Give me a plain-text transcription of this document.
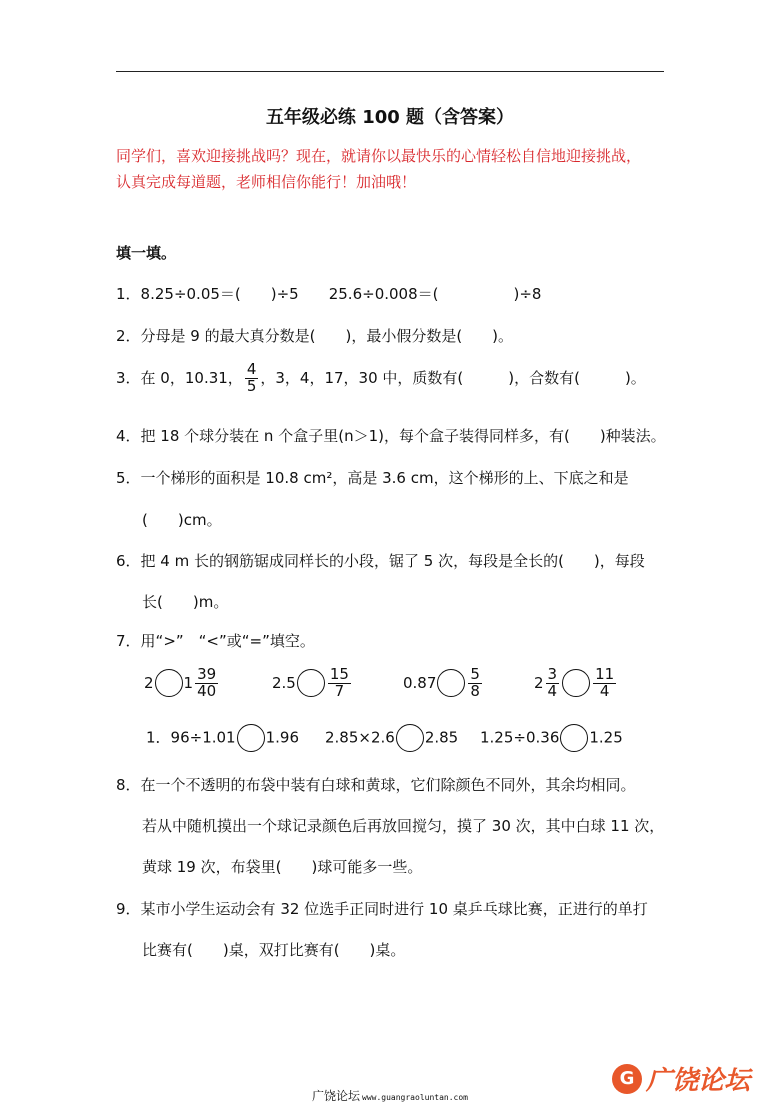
五年级必练 100 题（含答案）
同学们，喜欢迎接挑战吗？现在，就请你以最快乐的心情轻松自信地迎接挑战，
认真完成每道题，老师相信你能行！加油哦！
填一填。
1．8.25÷0.05＝(　　)÷5　　25.6÷0.008＝(　　　　　)÷8
2．分母是 9 的最大真分数是(　　)，最小假分数是(　　)。
3．在 0，10.31， $\frac{4}{5}$ ，3，4，17，30 中，质数有(　　　)，合数有(　　　)。
4．把 18 个球分装在 n 个盒子里(n＞1)，每个盒子装得同样多，有(　　)种装法。
5．一个梯形的面积是 10.8 cm²，高是 3.6 cm，这个梯形的上、下底之和是
(　　)cm。
6．把 4 m 长的钢筋锯成同样长的小段，锯了 5 次，每段是全长的(　　)，每段
长(　　)m。
7．用“>”　“<”或“=”填空。
2 $1 \frac{39}{40}$	$2.5 \frac{15}{7}$	$0.87 \frac{5}{8}$	$2 \frac{3}{4} \frac{11}{4}$
1．96÷1.01 1.96 2.85×2.6 2.85 1.25÷0.36 1.25
8．在一个不透明的布袋中装有白球和黄球，它们除颜色不同外，其余均相同。
若从中随机摸出一个球记录颜色后再放回搅匀，摸了 30 次，其中白球 11 次，
黄球 19 次，布袋里(　　)球可能多一些。
9．某市小学生运动会有 32 位选手正同时进行 10 桌乒乓球比赛，正进行的单打
比赛有(　　)桌，双打比赛有(　　)桌。
广饶论坛 www.guangraoluntan.com
G 广饶论坛
